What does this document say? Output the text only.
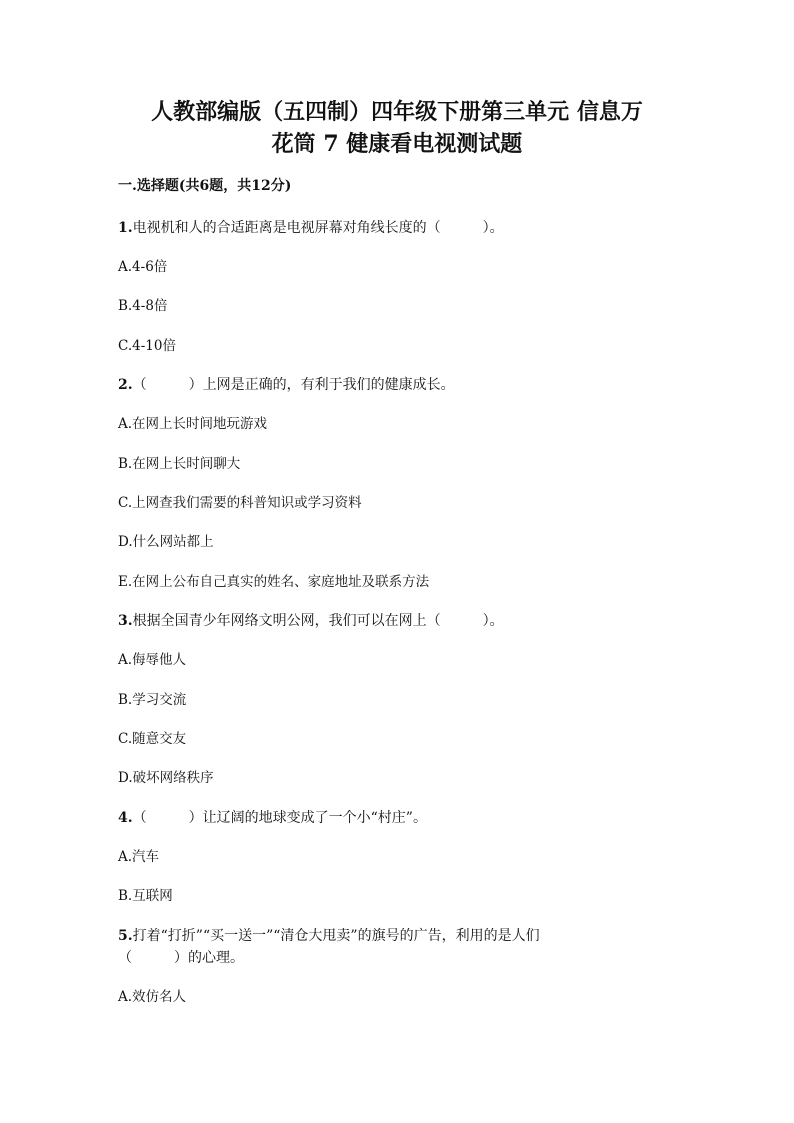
人教部编版（五四制）四年级下册第三单元 信息万
花筒 7 健康看电视测试题
一.选择题(共6题，共12分)
1.电视机和人的合适距离是电视屏幕对角线长度的（　　　）。
A.4-6倍
B.4-8倍
C.4-10倍
2.（　　　）上网是正确的，有利于我们的健康成长。
A.在网上长时间地玩游戏
B.在网上长时间聊大
C.上网查我们需要的科普知识或学习资料
D.什么网站都上
E.在网上公布自己真实的姓名、家庭地址及联系方法
3.根据全国青少年网络文明公网，我们可以在网上（　　　）。
A.侮辱他人
B.学习交流
C.随意交友
D.破坏网络秩序
4.（　　　）让辽阔的地球变成了一个小“村庄”。
A.汽车
B.互联网
5.打着“打折”“买一送一”“清仓大甩卖”的旗号的广告，利用的是人们
（　　　）的心理。
A.效仿名人
